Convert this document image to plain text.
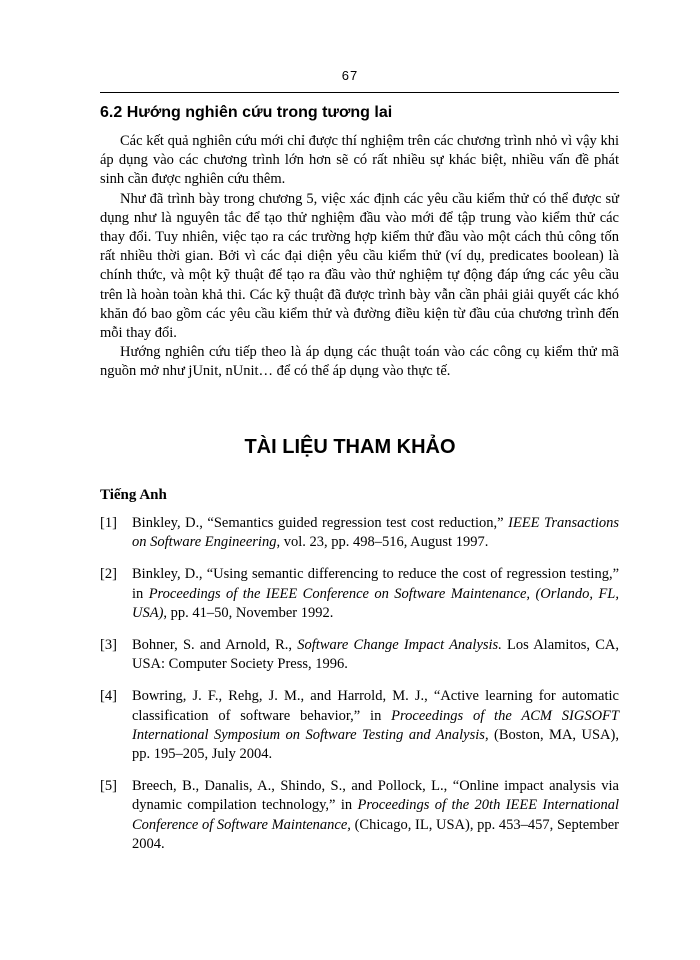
67
6.2 Hướng nghiên cứu trong tương lai

Các kết quả nghiên cứu mới chỉ được thí nghiệm trên các chương trình nhỏ vì vậy khi áp dụng vào các chương trình lớn hơn sẽ có rất nhiều sự khác biệt, nhiều vấn đề phát sinh cần được nghiên cứu thêm.

Như đã trình bày trong chương 5, việc xác định các yêu cầu kiểm thử có thể được sử dụng như là nguyên tắc để tạo thử nghiệm đầu vào mới để tập trung vào kiểm thử các thay đổi. Tuy nhiên, việc tạo ra các trường hợp kiểm thử đầu vào một cách thủ công tốn rất nhiều thời gian. Bởi vì các đại diện yêu cầu kiểm thử (ví dụ, predicates boolean) là chính thức, và một kỹ thuật để tạo ra đầu vào thử nghiệm tự động đáp ứng các yêu cầu trên là hoàn toàn khả thi. Các kỹ thuật đã được trình bày vẫn cần phải giải quyết các khó khăn đó bao gồm các yêu cầu kiểm thử và đường điều kiện từ đầu của chương trình đến mỗi thay đổi.

Hướng nghiên cứu tiếp theo là áp dụng các thuật toán vào các công cụ kiểm thử mã nguồn mở như jUnit, nUnit… để có thể áp dụng vào thực tế.

TÀI LIỆU THAM KHẢO
Tiếng Anh
[1] Binkley, D., “Semantics guided regression test cost reduction,” IEEE Transactions on Software Engineering, vol. 23, pp. 498–516, August 1997.
[2] Binkley, D., “Using semantic differencing to reduce the cost of regression testing,” in Proceedings of the IEEE Conference on Software Maintenance, (Orlando, FL, USA), pp. 41–50, November 1992.
[3] Bohner, S. and Arnold, R., Software Change Impact Analysis. Los Alamitos, CA, USA: Computer Society Press, 1996.
[4] Bowring, J. F., Rehg, J. M., and Harrold, M. J., “Active learning for automatic classification of software behavior,” in Proceedings of the ACM SIGSOFT International Symposium on Software Testing and Analysis, (Boston, MA, USA), pp. 195–205, July 2004.
[5] Breech, B., Danalis, A., Shindo, S., and Pollock, L., “Online impact analysis via dynamic compilation technology,” in Proceedings of the 20th IEEE International Conference of Software Maintenance, (Chicago, IL, USA), pp. 453–457, September 2004.
